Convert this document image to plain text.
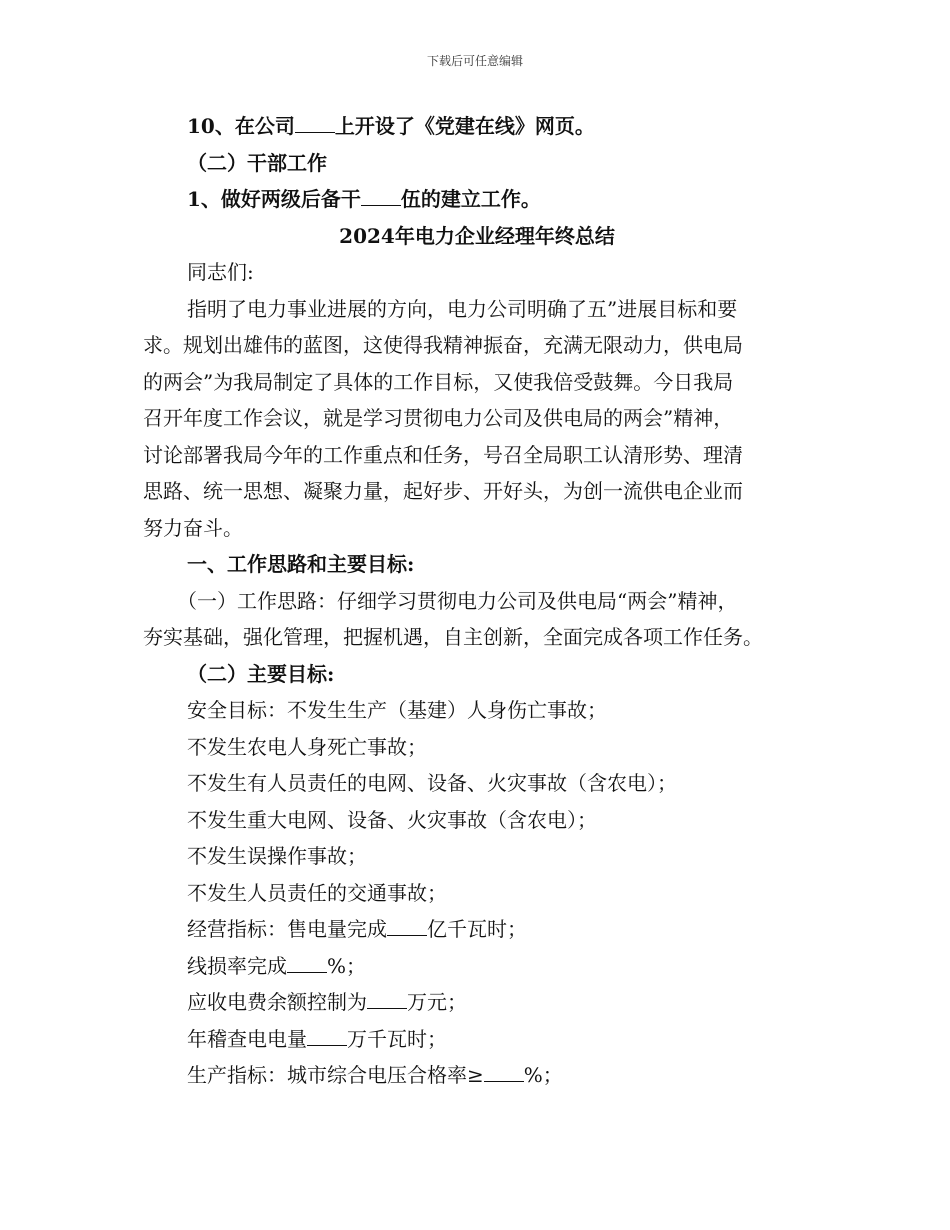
下载后可任意编辑
10、在公司 上开设了《党建在线》网页。
（二）干部工作
1、做好两级后备干 伍的建立工作。
2024年电力企业经理年终总结
同志们:
指明了电力事业进展的方向，电力公司明确了五”进展目标和要
求。规划出雄伟的蓝图，这使得我精神振奋，充满无限动力，供电局
的两会”为我局制定了具体的工作目标，又使我倍受鼓舞。今日我局
召开年度工作会议，就是学习贯彻电力公司及供电局的两会”精神，
讨论部署我局今年的工作重点和任务，号召全局职工认清形势、理清
思路、统一思想、凝聚力量，起好步、开好头，为创一流供电企业而
努力奋斗。
一、工作思路和主要目标:
（一）工作思路：仔细学习贯彻电力公司及供电局“两会”精神，
夯实基础，强化管理，把握机遇，自主创新，全面完成各项工作任务。
（二）主要目标:
安全目标：不发生生产（基建）人身伤亡事故；
不发生农电人身死亡事故；
不发生有人员责任的电网、设备、火灾事故（含农电）；
不发生重大电网、设备、火灾事故（含农电）；
不发生误操作事故；
不发生人员责任的交通事故；
经营指标：售电量完成 亿千瓦时；
线损率完成 %；
应收电费余额控制为 万元；
年稽查电电量 万千瓦时；
生产指标：城市综合电压合格率≥ %；
